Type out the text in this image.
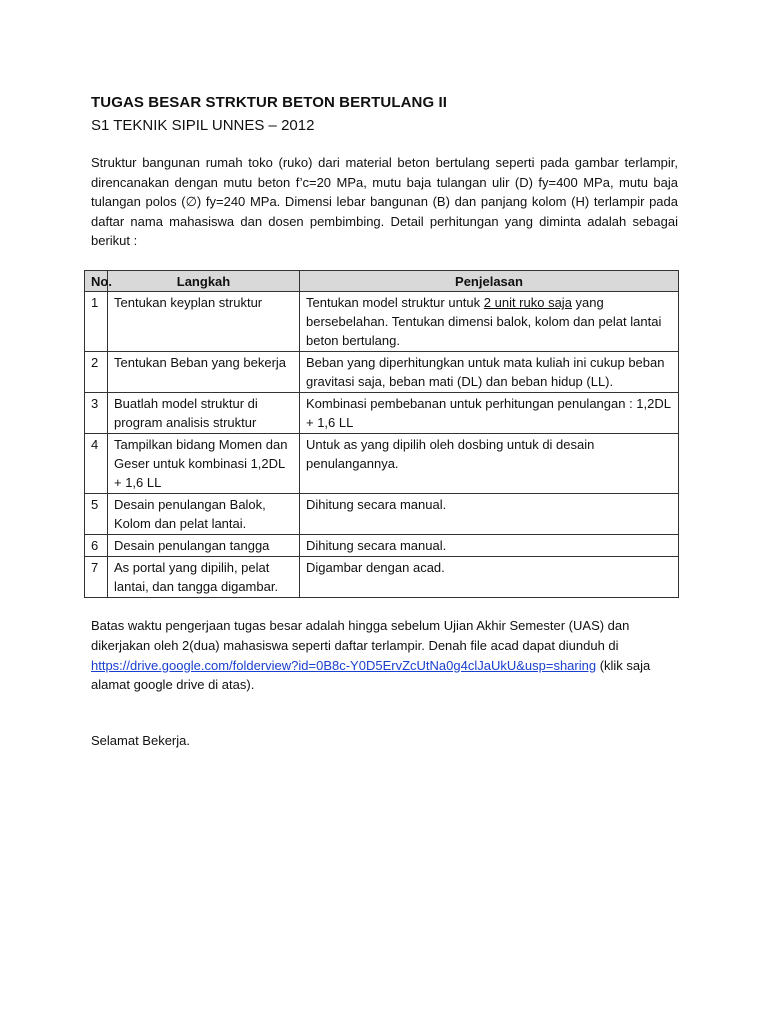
TUGAS BESAR STRKTUR BETON BERTULANG II
S1 TEKNIK SIPIL UNNES – 2012

Struktur bangunan rumah toko (ruko) dari material beton bertulang seperti pada gambar terlampir, direncanakan dengan mutu beton f’c=20 MPa, mutu baja tulangan ulir (D) fy=400 MPa, mutu baja tulangan polos (∅) fy=240 MPa. Dimensi lebar bangunan (B) dan panjang kolom (H) terlampir pada daftar nama mahasiswa dan dosen pembimbing. Detail perhitungan yang diminta adalah sebagai berikut :

No.	Langkah	Penjelasan
1	Tentukan keyplan struktur	Tentukan model struktur untuk 2 unit ruko saja yang bersebelahan. Tentukan dimensi balok, kolom dan pelat lantai beton bertulang.
2	Tentukan Beban yang bekerja	Beban yang diperhitungkan untuk mata kuliah ini cukup beban gravitasi saja, beban mati (DL) dan beban hidup (LL).
3	Buatlah model struktur di program analisis struktur	Kombinasi pembebanan untuk perhitungan penulangan : 1,2DL + 1,6 LL
4	Tampilkan bidang Momen dan Geser untuk kombinasi 1,2DL + 1,6 LL	Untuk as yang dipilih oleh dosbing untuk di desain penulangannya.
5	Desain penulangan Balok, Kolom dan pelat lantai.	Dihitung secara manual.
6	Desain penulangan tangga	Dihitung secara manual.
7	As portal yang dipilih, pelat lantai, dan tangga digambar.	Digambar dengan acad.

Batas waktu pengerjaan tugas besar adalah hingga sebelum Ujian Akhir Semester (UAS) dan dikerjakan oleh 2(dua) mahasiswa seperti daftar terlampir. Denah file acad dapat diunduh di https://drive.google.com/folderview?id=0B8c-Y0D5ErvZcUtNa0g4clJaUkU&usp=sharing (klik saja alamat google drive di atas).

Selamat Bekerja.
